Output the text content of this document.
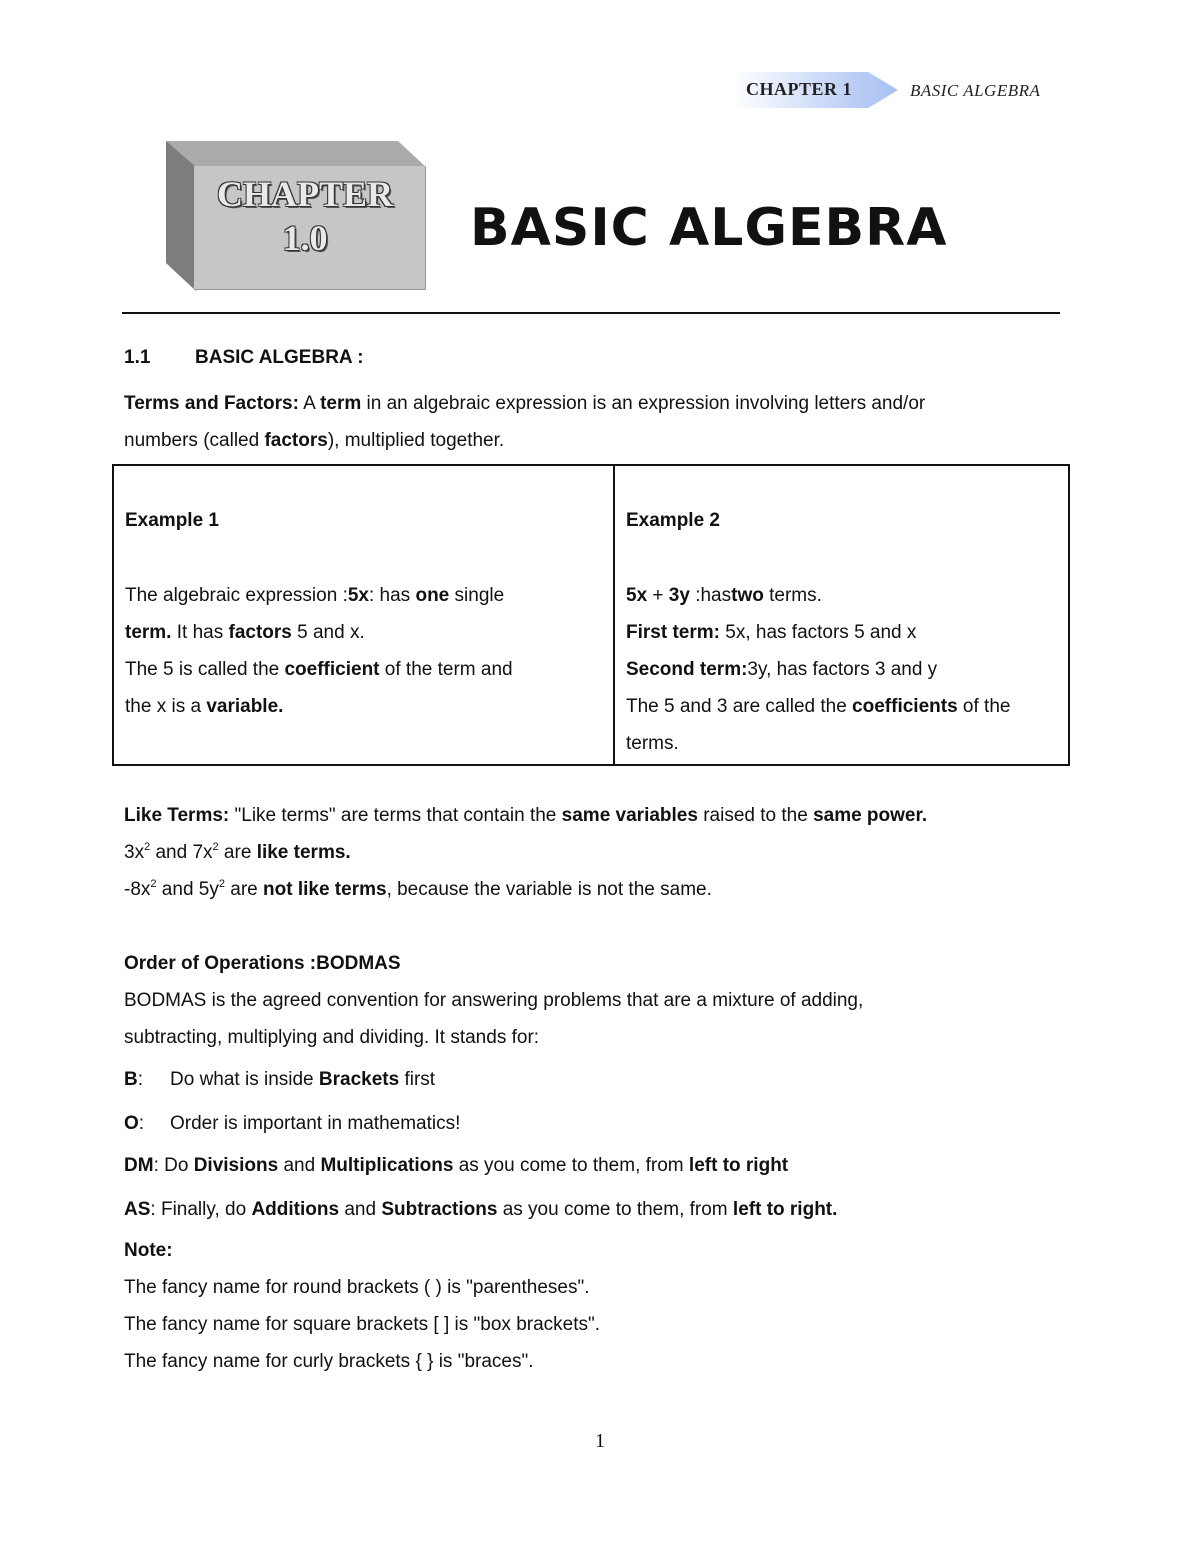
CHAPTER 1	BASIC ALGEBRA
CHAPTER
1.0	BASIC ALGEBRA
1.1 BASIC ALGEBRA :
Terms and Factors: A term in an algebraic expression is an expression involving letters and/or
numbers (called factors), multiplied together.
Example 1
The algebraic expression :5x: has one single
term. It has factors 5 and x.
The 5 is called the coefficient of the term and
the x is a variable.

Example 2
5x + 3y :hastwo terms.
First term: 5x, has factors 5 and x
Second term:3y, has factors 3 and y
The 5 and 3 are called the coefficients of the
terms.
Like Terms: "Like terms" are terms that contain the same variables raised to the same power.
$3x^2$ and $7x^2$ are like terms.
$-8x^2$ and $5y^2$ are not like terms, because the variable is not the same.
Order of Operations :BODMAS
BODMAS is the agreed convention for answering problems that are a mixture of adding,
subtracting, multiplying and dividing. It stands for:
B: Do what is inside Brackets first
O: Order is important in mathematics!
DM: Do Divisions and Multiplications as you come to them, from left to right
AS: Finally, do Additions and Subtractions as you come to them, from left to right.
Note:
The fancy name for round brackets ( ) is "parentheses".
The fancy name for square brackets [ ] is "box brackets".
The fancy name for curly brackets { } is "braces".
1
